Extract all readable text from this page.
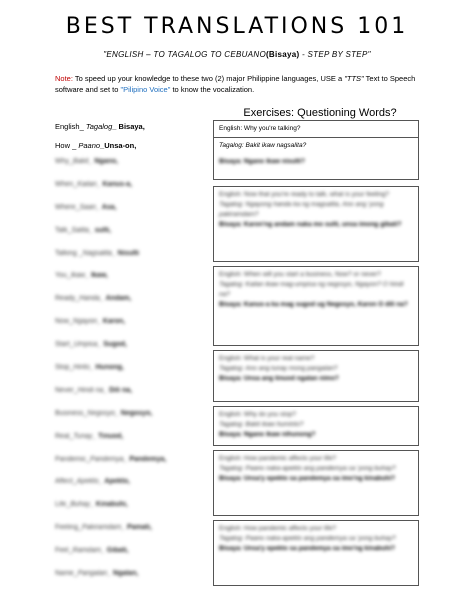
BEST TRANSLATIONS 101
"ENGLISH – TO TAGALOG TO CEBUANO(Bisaya) - STEP BY STEP"
Note: To speed up your knowledge to these two (2) major Philippine languages, USE a "TTS" Text to Speech software and set to "Pilipino Voice" to know the vocalization.
Exercises: Questioning Words?
English_ Tagalog_ Bisaya,
How _ Paano_Unsa-on,
Why_Bakit_ Ngano,
When_Kailan_ Kanus-a,
Where_Saan_ Asa,
Talk_Salita_ sulti,
Talking _Nagsalita_ Nisulti
You_Ikaw_ Ikaw,
Ready_Handa_ Andam,
Now_Ngayon_ Karon,
Start_Umpisa_ Sugod,
Stop_Hinto_ Hunong,
Never_Hindi na_ Dili na,
Business_Negosyo_ Negosyo,
Real_Tunay_ Tinuod,
Pandemic_Pandemya_ Pandemya,
Affect_Apekto_ Apekto,
Life_Buhay_ Kinabuhi,
Feeling_Pakiramdam_ Pamati,
Feel_Ramdam_ Gibati,
Name_Pangalan_ Ngalan,
English: Why you're talking?
Tagalog: Bakit ikaw nagsalita?
Bisaya: Ngano ikaw nisulti?
English: Now that you're ready to talk, what is your feeling?
Tagalog: Ngayong handa ka ng magsalita, Ano ang 'yong pakiramdam?
Bisaya: Karon'ng andam naka mo sulti, unsa imong gibati?
English: When will you start a business, Now? or never?
Tagalog: Kailan ikaw mag-umpisa ng negosyo, Ngayon? O hindi na?
Bisaya: Kanus-a ka mag sugod ug Negosyo, Karon O dili na?
English: What is your real name?
Tagalog: Ano ang tunay mong pangalan?
Bisaya: Unsa ang tinuod ngalan nimo?
English: Why do you stop?
Tagalog: Bakit ikaw huminto?
Bisaya: Ngano ikaw nihunong?
English: How pandemic affects your life?
Tagalog: Paano naka-apekto ang pandemya sa 'yong buhay?
Bisaya: Unsa'y epekto sa pandemya sa imo'ng kinabuhi?
English: How pandemic affects your life?
Tagalog: Paano naka-apekto ang pandemya sa 'yong buhay?
Bisaya: Unsa'y epekto sa pandemya sa imo'ng kinabuhi?
